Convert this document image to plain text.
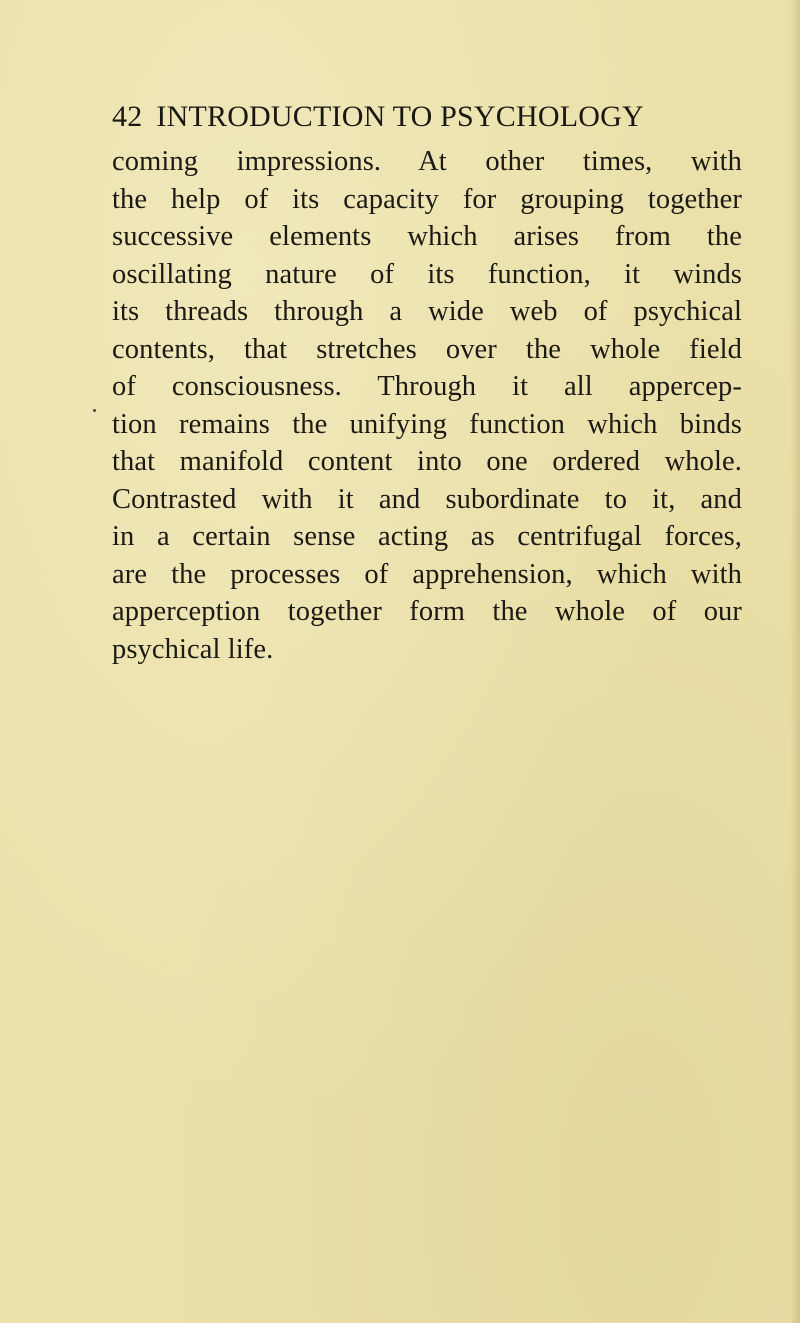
42 INTRODUCTION TO PSYCHOLOGY
coming impressions. At other times, with
the help of its capacity for grouping together
successive elements which arises from the
oscillating nature of its function, it winds
its threads through a wide web of psychical
contents, that stretches over the whole field
of consciousness. Through it all appercep-
tion remains the unifying function which binds
that manifold content into one ordered whole.
Contrasted with it and subordinate to it, and
in a certain sense acting as centrifugal forces,
are the processes of apprehension, which with
apperception together form the whole of our
psychical life.
